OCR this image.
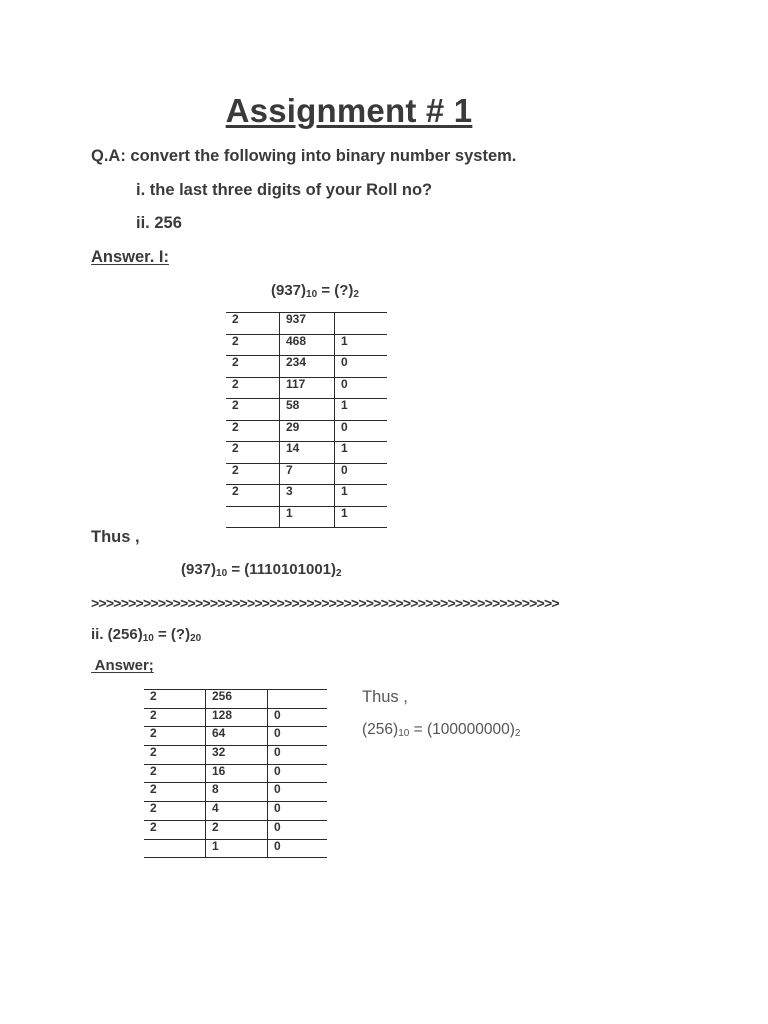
Assignment # 1
Q.A: convert the following into binary number system.
i. the last three digits of your Roll no?
ii. 256
Answer. I:
$(937)_{10}$ = $(?)_2$
2	937	
2	468	1
2	234	0
2	117	0
2	58	1
2	29	0
2	14	1
2	7	0
2	3	1
	1	1
Thus ,
$(937)_{10} = (1110101001)_2$
>>>>>>>>>>>>>>>>>>>>>>>>>>>>>>>>>>>>>>>>>>>>>>>>>>>>>>>>>>>>>>>
ii. $(256)_{10}$ = $(?)_{20}$
Answer;
2	256	
2	128	0
2	64	0
2	32	0
2	16	0
2	8	0
2	4	0
2	2	0
	1	0
Thus ,
$(256)_{10} = (100000000)_2$
